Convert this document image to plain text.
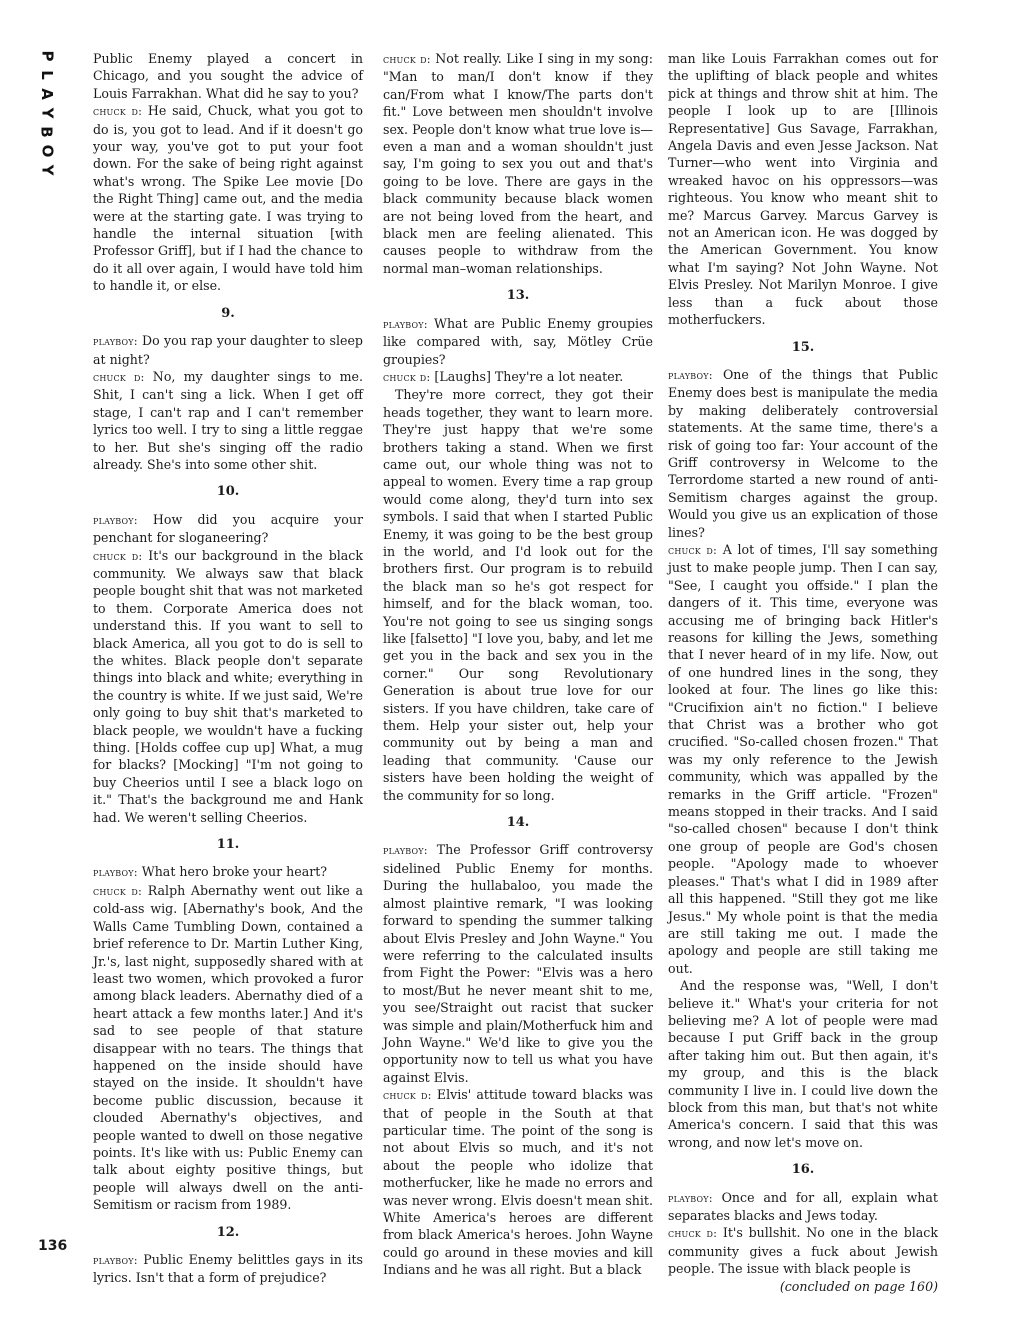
P
L
A
Y
B
O
Y
136

Public Enemy played a concert in Chicago, and you sought the advice of Louis Farrakhan. What did he say to you?

chuck d: He said, Chuck, what you got to do is, you got to lead. And if it doesn't go your way, you've got to put your foot down. For the sake of being right against what's wrong. The Spike Lee movie [Do the Right Thing] came out, and the media were at the starting gate. I was trying to handle the internal situation [with Professor Griff], but if I had the chance to do it all over again, I would have told him to handle it, or else.

9.

playboy: Do you rap your daughter to sleep at night?

chuck d: No, my daughter sings to me. Shit, I can't sing a lick. When I get off stage, I can't rap and I can't remember lyrics too well. I try to sing a little reggae to her. But she's singing off the radio already. She's into some other shit.

10.

playboy: How did you acquire your penchant for sloganeering?

chuck d: It's our background in the black community. We always saw that black people bought shit that was not marketed to them. Corporate America does not understand this. If you want to sell to black America, all you got to do is sell to the whites. Black people don't separate things into black and white; everything in the country is white. If we just said, We're only going to buy shit that's marketed to black people, we wouldn't have a fucking thing. [Holds coffee cup up] What, a mug for blacks? [Mocking] "I'm not going to buy Cheerios until I see a black logo on it." That's the background me and Hank had. We weren't selling Cheerios.

11.

playboy: What hero broke your heart?

chuck d: Ralph Abernathy went out like a cold-ass wig. [Abernathy's book, And the Walls Came Tumbling Down, contained a brief reference to Dr. Martin Luther King, Jr.'s, last night, supposedly shared with at least two women, which provoked a furor among black leaders. Abernathy died of a heart attack a few months later.] And it's sad to see people of that stature disappear with no tears. The things that happened on the inside should have stayed on the inside. It shouldn't have become public discussion, because it clouded Abernathy's objectives, and people wanted to dwell on those negative points. It's like with us: Public Enemy can talk about eighty positive things, but people will always dwell on the anti-Semitism or racism from 1989.

12.

playboy: Public Enemy belittles gays in its lyrics. Isn't that a form of prejudice?

chuck d: Not really. Like I sing in my song: "Man to man/I don't know if they can/From what I know/The parts don't fit." Love between men shouldn't involve sex. People don't know what true love is—even a man and a woman shouldn't just say, I'm going to sex you out and that's going to be love. There are gays in the black community because black women are not being loved from the heart, and black men are feeling alienated. This causes people to withdraw from the normal man–woman relationships.

13.

playboy: What are Public Enemy groupies like compared with, say, Mötley Crüe groupies?

chuck d: [Laughs] They're a lot neater.

They're more correct, they got their heads together, they want to learn more. They're just happy that we're some brothers taking a stand. When we first came out, our whole thing was not to appeal to women. Every time a rap group would come along, they'd turn into sex symbols. I said that when I started Public Enemy, it was going to be the best group in the world, and I'd look out for the brothers first. Our program is to rebuild the black man so he's got respect for himself, and for the black woman, too. You're not going to see us singing songs like [falsetto] "I love you, baby, and let me get you in the back and sex you in the corner." Our song Revolutionary Generation is about true love for our sisters. If you have children, take care of them. Help your sister out, help your community out by being a man and leading that community. 'Cause our sisters have been holding the weight of the community for so long.

14.

playboy: The Professor Griff controversy sidelined Public Enemy for months. During the hullabaloo, you made the almost plaintive remark, "I was looking forward to spending the summer talking about Elvis Presley and John Wayne." You were referring to the calculated insults from Fight the Power: "Elvis was a hero to most/But he never meant shit to me, you see/Straight out racist that sucker was simple and plain/Motherfuck him and John Wayne." We'd like to give you the opportunity now to tell us what you have against Elvis.

chuck d: Elvis' attitude toward blacks was that of people in the South at that particular time. The point of the song is not about Elvis so much, and it's not about the people who idolize that motherfucker, like he made no errors and was never wrong. Elvis doesn't mean shit. White America's heroes are different from black America's heroes. John Wayne could go around in these movies and kill Indians and he was all right. But a black

man like Louis Farrakhan comes out for the uplifting of black people and whites pick at things and throw shit at him. The people I look up to are [Illinois Representative] Gus Savage, Farrakhan, Angela Davis and even Jesse Jackson. Nat Turner—who went into Virginia and wreaked havoc on his oppressors—was righteous. You know who meant shit to me? Marcus Garvey. Marcus Garvey is not an American icon. He was dogged by the American Government. You know what I'm saying? Not John Wayne. Not Elvis Presley. Not Marilyn Monroe. I give less than a fuck about those motherfuckers.

15.

playboy: One of the things that Public Enemy does best is manipulate the media by making deliberately controversial statements. At the same time, there's a risk of going too far: Your account of the Griff controversy in Welcome to the Terrordome started a new round of anti-Semitism charges against the group. Would you give us an explication of those lines?

chuck d: A lot of times, I'll say something just to make people jump. Then I can say, "See, I caught you offside." I plan the dangers of it. This time, everyone was accusing me of bringing back Hitler's reasons for killing the Jews, something that I never heard of in my life. Now, out of one hundred lines in the song, they looked at four. The lines go like this: "Crucifixion ain't no fiction." I believe that Christ was a brother who got crucified. "So-called chosen frozen." That was my only reference to the Jewish community, which was appalled by the remarks in the Griff article. "Frozen" means stopped in their tracks. And I said "so-called chosen" because I don't think one group of people are God's chosen people. "Apology made to whoever pleases." That's what I did in 1989 after all this happened. "Still they got me like Jesus." My whole point is that the media are still taking me out. I made the apology and people are still taking me out.

And the response was, "Well, I don't believe it." What's your criteria for not believing me? A lot of people were mad because I put Griff back in the group after taking him out. But then again, it's my group, and this is the black community I live in. I could live down the block from this man, but that's not white America's concern. I said that this was wrong, and now let's move on.

16.

playboy: Once and for all, explain what separates blacks and Jews today.

chuck d: It's bullshit. No one in the black community gives a fuck about Jewish people. The issue with black people is

(concluded on page 160)
